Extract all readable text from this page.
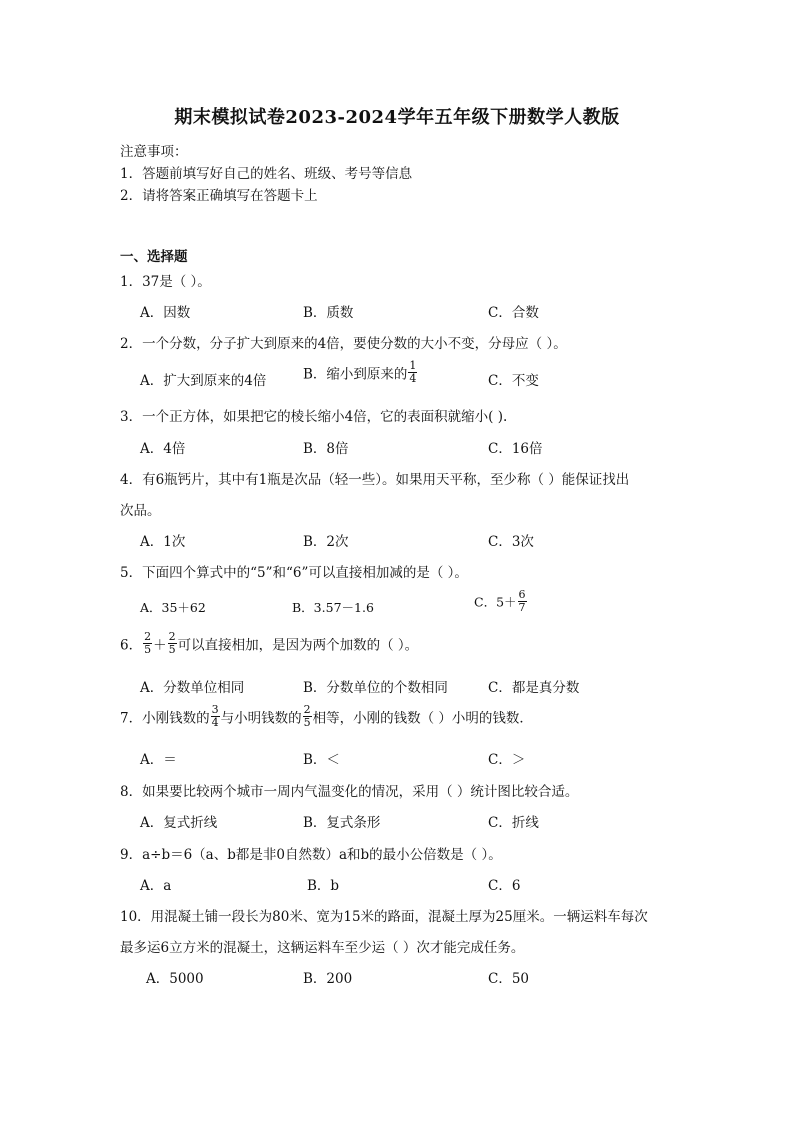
期末模拟试卷2023-2024学年五年级下册数学人教版
注意事项：
1．答题前填写好自己的姓名、班级、考号等信息
2．请将答案正确填写在答题卡上
一、选择题
1．37是（ ）。
A．因数	B．质数	C．合数
2．一个分数，分子扩大到原来的4倍，要使分数的大小不变，分母应（ ）。
A．扩大到原来的4倍	B．缩小到原来的 $\frac{1}{4}$	C．不变
3．一个正方体，如果把它的棱长缩小4倍，它的表面积就缩小( ).
A．4倍	B．8倍	C．16倍
4．有6瓶钙片，其中有1瓶是次品（轻一些）。如果用天平称，至少称（ ）能保证找出
次品。
A．1次	B．2次	C．3次
5．下面四个算式中的“5”和“6”可以直接相加减的是（ ）。
A．35＋62	B．3.57－1.6	C．$5+ \frac{6}{7}$
6． $\frac{2}{5} + \frac{2}{5}$ 可以直接相加，是因为两个加数的（ ）。
A．分数单位相同	B．分数单位的个数相同	C．都是真分数
7．小刚钱数的 $\frac{3}{4}$ 与小明钱数的 $\frac{2}{5}$ 相等，小刚的钱数（ ）小明的钱数．
A．＝	B．＜	C．＞
8．如果要比较两个城市一周内气温变化的情况，采用（ ）统计图比较合适。
A．复式折线	B．复式条形	C．折线
9．a÷b＝6（a、b都是非0自然数）a和b的最小公倍数是（ ）。
A．a	B．b	C．6
10．用混凝土铺一段长为80米、宽为15米的路面，混凝土厚为25厘米。一辆运料车每次
最多运6立方米的混凝土，这辆运料车至少运（ ）次才能完成任务。
A．5000	B．200	C．50
